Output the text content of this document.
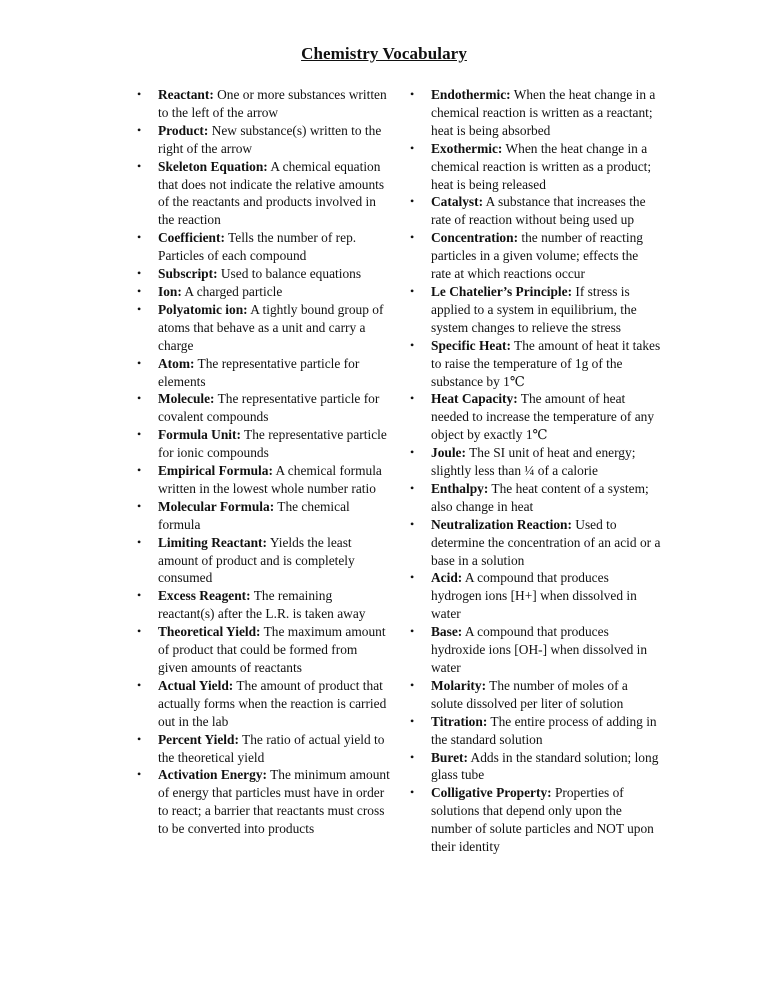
Chemistry Vocabulary
• Reactant: One or more substances written to the left of the arrow
• Product: New substance(s) written to the right of the arrow
• Skeleton Equation: A chemical equation that does not indicate the relative amounts of the reactants and products involved in the reaction
• Coefficient: Tells the number of rep. Particles of each compound
• Subscript: Used to balance equations
• Ion: A charged particle
• Polyatomic ion: A tightly bound group of atoms that behave as a unit and carry a charge
• Atom: The representative particle for elements
• Molecule: The representative particle for covalent compounds
• Formula Unit: The representative particle for ionic compounds
• Empirical Formula: A chemical formula written in the lowest whole number ratio
• Molecular Formula: The chemical formula
• Limiting Reactant: Yields the least amount of product and is completely consumed
• Excess Reagent: The remaining reactant(s) after the L.R. is taken away
• Theoretical Yield: The maximum amount of product that could be formed from given amounts of reactants
• Actual Yield: The amount of product that actually forms when the reaction is carried out in the lab
• Percent Yield: The ratio of actual yield to the theoretical yield
• Activation Energy: The minimum amount of energy that particles must have in order to react; a barrier that reactants must cross to be converted into products
• Endothermic: When the heat change in a chemical reaction is written as a reactant; heat is being absorbed
• Exothermic: When the heat change in a chemical reaction is written as a product; heat is being released
• Catalyst: A substance that increases the rate of reaction without being used up
• Concentration: the number of reacting particles in a given volume; effects the rate at which reactions occur
• Le Chatelier’s Principle: If stress is applied to a system in equilibrium, the system changes to relieve the stress
• Specific Heat: The amount of heat it takes to raise the temperature of 1g of the substance by 1℃
• Heat Capacity: The amount of heat needed to increase the temperature of any object by exactly 1℃
• Joule: The SI unit of heat and energy; slightly less than ¼ of a calorie
• Enthalpy: The heat content of a system; also change in heat
• Neutralization Reaction: Used to determine the concentration of an acid or a base in a solution
• Acid: A compound that produces hydrogen ions [H+] when dissolved in water
• Base: A compound that produces hydroxide ions [OH-] when dissolved in water
• Molarity: The number of moles of a solute dissolved per liter of solution
• Titration: The entire process of adding in the standard solution
• Buret: Adds in the standard solution; long glass tube
• Colligative Property: Properties of solutions that depend only upon the number of solute particles and NOT upon their identity
